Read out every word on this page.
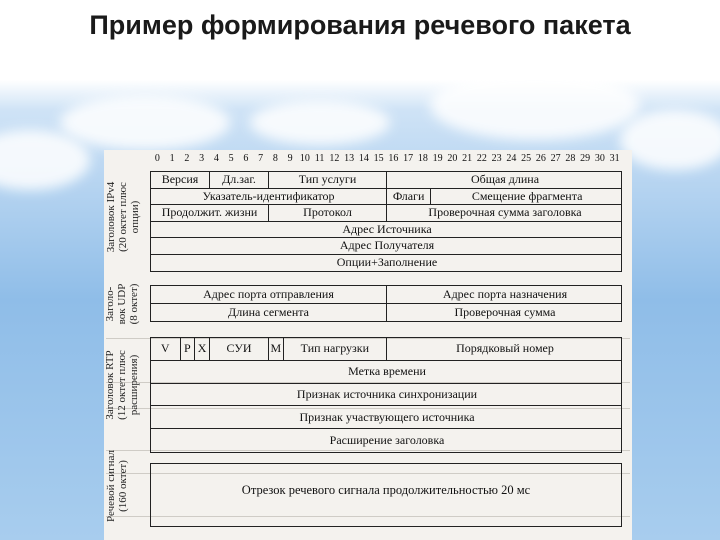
Пример формирования речевого пакета
0 1 2 3 4 5 6 7 8 9 10 11 12 13 14 15 16 17 18 19 20 21 22 23 24 25 26 27 28 29 30 31
Заголовок IPv4
(20 октет плюс
опции)
Версия	Дл.заг.	Тип услуги	Общая длина
Указатель-идентификатор	Флаги	Смещение фрагмента
Продолжит. жизни	Протокол	Проверочная сумма заголовка
Адрес Источника
Адрес Получателя
Опции+Заполнение
Заголо-
вок UDP
(8 октет)	Адрес порта отправления	Адрес порта назначения
Длина сегмента	Проверочная сумма
Заголовок RTP
(12 октет плюс
расширения)
V	P X	СУИ	M	Тип нагрузки	Порядковый номер
Метка времени
Признак источника синхронизации
Признак участвующего источника
Расширение заголовка
Речевой сигнал
(160 октет)
Отрезок речевого сигнала продолжительностью 20 мс
